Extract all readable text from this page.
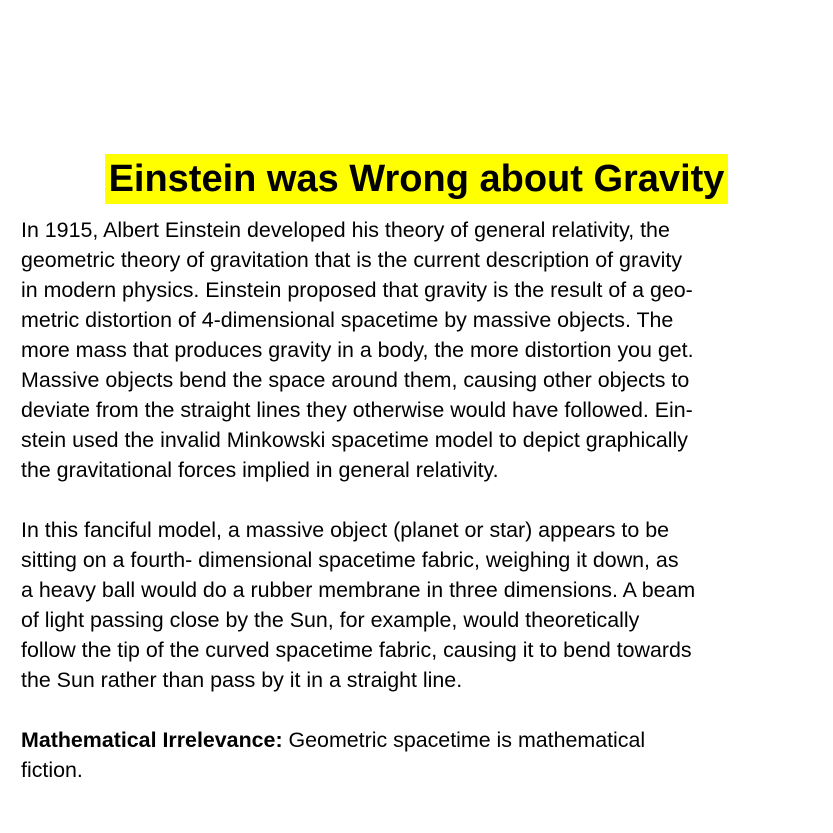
Einstein was Wrong about Gravity
In 1915, Albert Einstein developed his theory of general relativity, the
geometric theory of gravitation that is the current description of gravity
in modern physics. Einstein proposed that gravity is the result of a geo-
metric distortion of 4-dimensional spacetime by massive objects. The
more mass that produces gravity in a body, the more distortion you get.
Massive objects bend the space around them, causing other objects to
deviate from the straight lines they otherwise would have followed. Ein-
stein used the invalid Minkowski spacetime model to depict graphically
the gravitational forces implied in general relativity.
In this fanciful model, a massive object (planet or star) appears to be
sitting on a fourth- dimensional spacetime fabric, weighing it down, as
a heavy ball would do a rubber membrane in three dimensions. A beam
of light passing close by the Sun, for example, would theoretically
follow the tip of the curved spacetime fabric, causing it to bend towards
the Sun rather than pass by it in a straight line.
Mathematical Irrelevance: Geometric spacetime is mathematical
fiction.
